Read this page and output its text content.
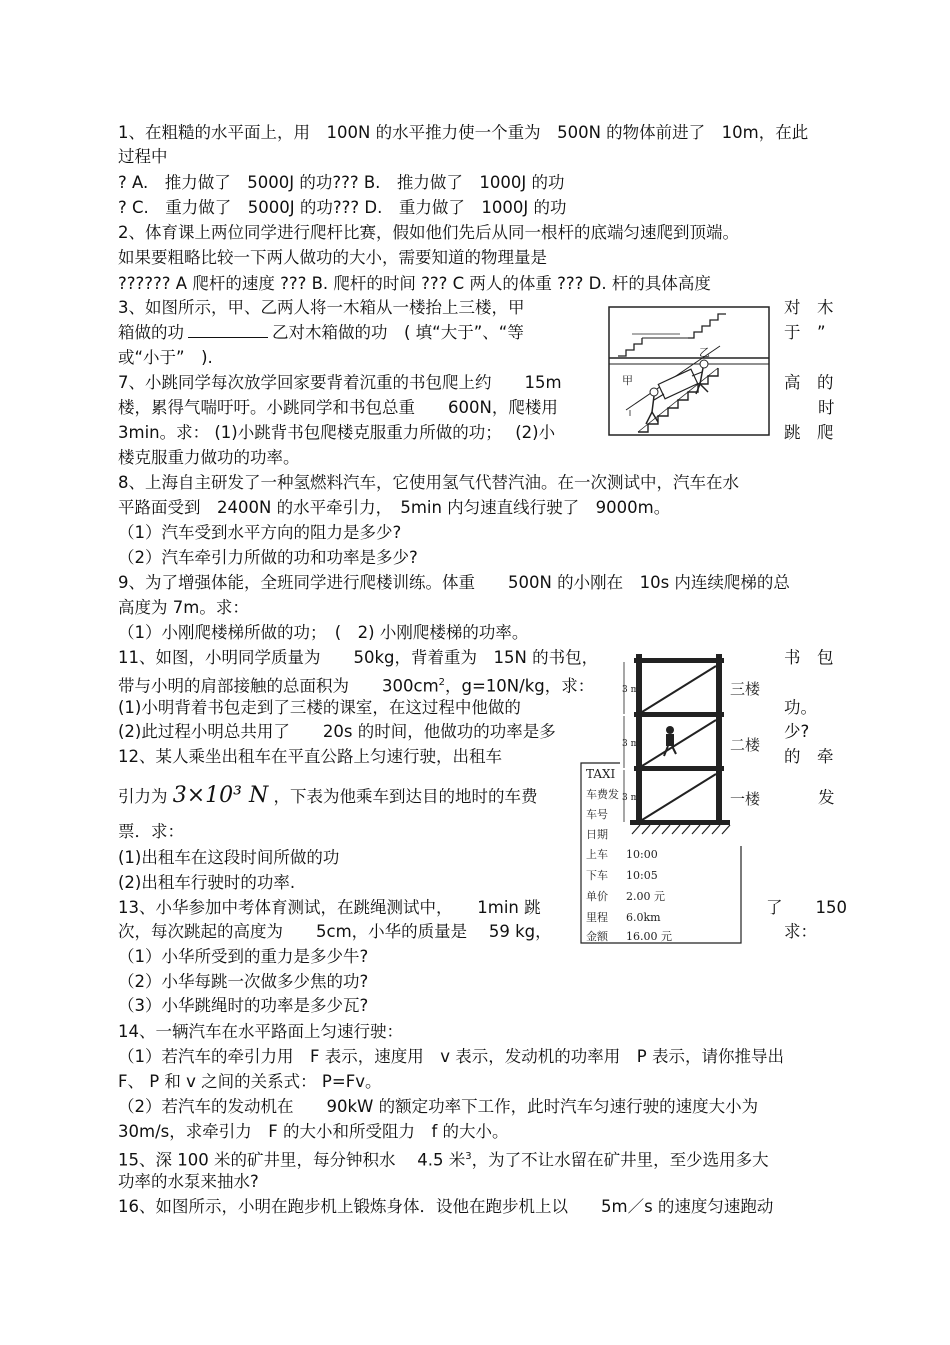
1、在粗糙的水平面上，用　100N 的水平推力使一个重为　500N 的物体前进了　10m，在此
过程中
? A.　推力做了　5000J 的功??? B.　推力做了　1000J 的功
? C.　重力做了　5000J 的功??? D.　重力做了　1000J 的功
2、体育课上两位同学进行爬杆比赛，假如他们先后从同一根杆的底端匀速爬到顶端。
如果要粗略比较一下两人做功的大小，需要知道的物理量是
?????? A 爬杆的速度 ??? B. 爬杆的时间 ??? C 两人的体重 ??? D. 杆的具体高度
3、如图所示，甲、乙两人将一木箱从一楼抬上三楼，甲	对　木
箱做的功	乙对木箱做的功　( 填“大于”、“等	于　”
或“小于”　).
7、小跳同学每次放学回家要背着沉重的书包爬上约　　15m	高　的
楼，累得气喘吁吁。小跳同学和书包总重　　600N，爬楼用	时
3min。求： (1)小跳背书包爬楼克服重力所做的功；　 (2)小	跳　爬
楼克服重力做功的功率。
8、上海自主研发了一种氢燃料汽车，它使用氢气代替汽油。在一次测试中，汽车在水
平路面受到　2400N 的水平牵引力，　5min 内匀速直线行驶了　9000m。
（1）汽车受到水平方向的阻力是多少?
（2）汽车牵引力所做的功和功率是多少?
9、为了增强体能，全班同学进行爬楼训练。体重　　500N 的小刚在　10s 内连续爬梯的总
高度为 7m。求：
（1）小刚爬楼梯所做的功；　(　2) 小刚爬楼梯的功率。
11、如图，小明同学质量为　　50kg，背着重为　15N 的书包，	书　包
带与小明的肩部接触的总面积为　　$300cm^2$，g=10N/kg，求：
(1)小明背着书包走到了三楼的课室，在这过程中他做的	功。
(2)此过程小明总共用了　　20s 的时间，他做功的功率是多	少?
12、某人乘坐出租车在平直公路上匀速行驶，出租车	的　牵
引力为 3×10³ N ，下表为他乘车到达目的地时的车费	发
票．求：
(1)出租车在这段时间所做的功
(2)出租车行驶时的功率.
13、小华参加中考体育测试，在跳绳测试中，　　1min 跳	了　　150
次，每次跳起的高度为　　5cm，小华的质量是　 59 kg，	求：
（1）小华所受到的重力是多少牛?
（2）小华每跳一次做多少焦的功?
（3）小华跳绳时的功率是多少瓦?
14、一辆汽车在水平路面上匀速行驶：
（1）若汽车的牵引力用　F 表示，速度用　v 表示，发动机的功率用　P 表示，请你推导出
F、 P 和 v 之间的关系式： P=Fv。
（2）若汽车的发动机在　　90kW 的额定功率下工作，此时汽车匀速行驶的速度大小为
30m/s，求牵引力　F 的大小和所受阻力　f 的大小。
15、深 100 米的矿井里，每分钟积水　 4.5 米$^3$，为了不让水留在矿井里，至少选用多大
功率的水泵来抽水?
16、如图所示，小明在跑步机上锻炼身体．设他在跑步机上以　　5m／s 的速度匀速跑动
甲
乙
3 m
3 m
3 m
三楼
二楼
一楼
TAXI
车费发
车号
日期
上车 10:00
下车 10:05
单价 2.00 元
里程 6.0km
金额 16.00 元
